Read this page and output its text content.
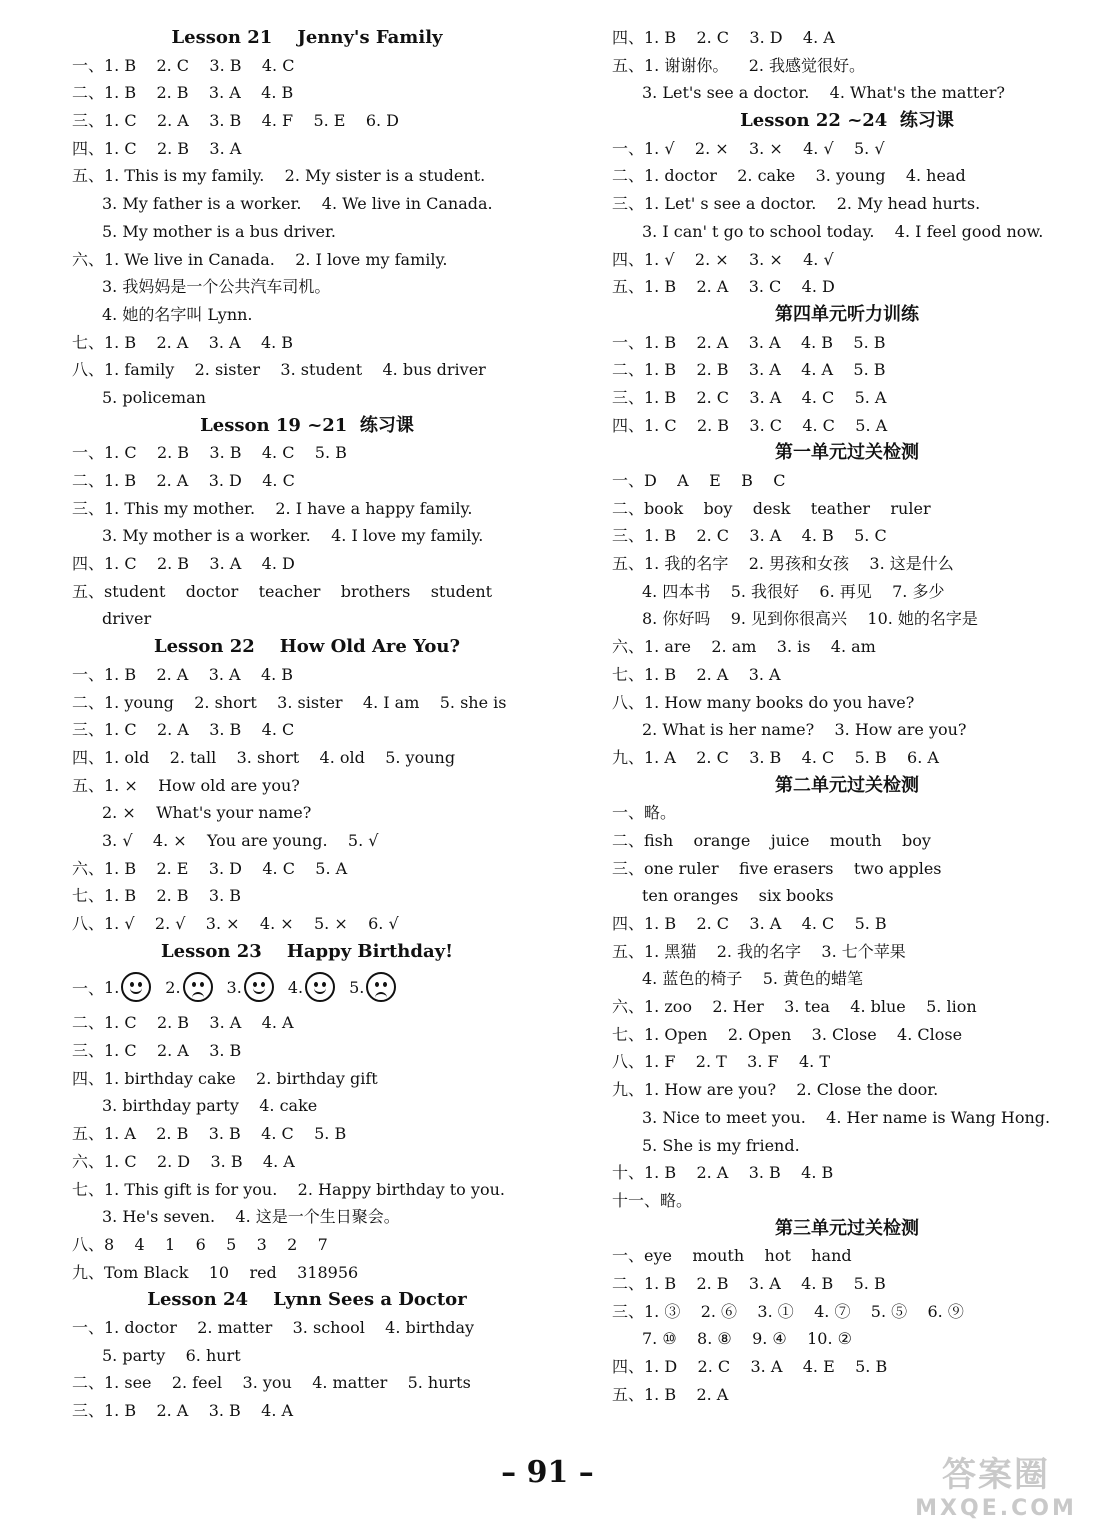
Lesson 21    Jenny's Family
一、1. B    2. C    3. B    4. C
二、1. B    2. B    3. A    4. B
三、1. C    2. A    3. B    4. F    5. E    6. D
四、1. C    2. B    3. A
五、1. This is my family.    2. My sister is a student.
3. My father is a worker.    4. We live in Canada.
5. My mother is a bus driver.
六、1. We live in Canada.    2. I love my family.
3. 我妈妈是一个公共汽车司机。
4. 她的名字叫 Lynn.
七、1. B    2. A    3. A    4. B
八、1. family    2. sister    3. student    4. bus driver
5. policeman
Lesson 19 ~21  练习课
一、1. C    2. B    3. B    4. C    5. B
二、1. B    2. A    3. D    4. C
三、1. This my mother.    2. I have a happy family.
3. My mother is a worker.    4. I love my family.
四、1. C    2. B    3. A    4. D
五、student    doctor    teacher    brothers    student
driver
Lesson 22    How Old Are You?
一、1. B    2. A    3. A    4. B
二、1. young    2. short    3. sister    4. I am    5. she is
三、1. C    2. A    3. B    4. C
四、1. old    2. tall    3. short    4. old    5. young
五、1. ×    How old are you?
2. ×    What's your name?
3. √    4. ×    You are young.    5. √
六、1. B    2. E    3. D    4. C    5. A
七、1. B    2. B    3. B
八、1. √    2. √    3. ×    4. ×    5. ×    6. √
Lesson 23    Happy Birthday!
一、 1.	2.	3.	4.	5.
二、1. C    2. B    3. A    4. A
三、1. C    2. A    3. B
四、1. birthday cake    2. birthday gift
3. birthday party    4. cake
五、1. A    2. B    3. B    4. C    5. B
六、1. C    2. D    3. B    4. A
七、1. This gift is for you.    2. Happy birthday to you.
3. He's seven.    4. 这是一个生日聚会。
八、8    4    1    6    5    3    2    7
九、Tom Black    10    red    318956
Lesson 24    Lynn Sees a Doctor
一、1. doctor    2. matter    3. school    4. birthday
5. party    6. hurt
二、1. see    2. feel    3. you    4. matter    5. hurts
三、1. B    2. A    3. B    4. A
四、1. B    2. C    3. D    4. A
五、1. 谢谢你。    2. 我感觉很好。
3. Let's see a doctor.    4. What's the matter?
Lesson 22 ~24  练习课
一、1. √    2. ×    3. ×    4. √    5. √
二、1. doctor    2. cake    3. young    4. head
三、1. Let' s see a doctor.    2. My head hurts.
3. I can' t go to school today.    4. I feel good now.
四、1. √    2. ×    3. ×    4. √
五、1. B    2. A    3. C    4. D
第四单元听力训练
一、1. B    2. A    3. A    4. B    5. B
二、1. B    2. B    3. A    4. A    5. B
三、1. B    2. C    3. A    4. C    5. A
四、1. C    2. B    3. C    4. C    5. A
第一单元过关检测
一、D    A    E    B    C
二、book    boy    desk    teather    ruler
三、1. B    2. C    3. A    4. B    5. C
五、1. 我的名字    2. 男孩和女孩    3. 这是什么
4. 四本书    5. 我很好    6. 再见    7. 多少
8. 你好吗    9. 见到你很高兴    10. 她的名字是
六、1. are    2. am    3. is    4. am
七、1. B    2. A    3. A
八、1. How many books do you have?
2. What is her name?    3. How are you?
九、1. A    2. C    3. B    4. C    5. B    6. A
第二单元过关检测
一、略。
二、fish    orange    juice    mouth    boy
三、one ruler    five erasers    two apples
ten oranges    six books
四、1. B    2. C    3. A    4. C    5. B
五、1. 黑猫    2. 我的名字    3. 七个苹果
4. 蓝色的椅子    5. 黄色的蜡笔
六、1. zoo    2. Her    3. tea    4. blue    5. lion
七、1. Open    2. Open    3. Close    4. Close
八、1. F    2. T    3. F    4. T
九、1. How are you?    2. Close the door.
3. Nice to meet you.    4. Her name is Wang Hong.
5. She is my friend.
十、1. B    2. A    3. B    4. B
十一、略。
第三单元过关检测
一、eye    mouth    hot    hand
二、1. B    2. B    3. A    4. B    5. B
三、1. ③    2. ⑥    3. ①    4. ⑦    5. ⑤    6. ⑨
7. ⑩    8. ⑧    9. ④    10. ②
四、1. D    2. C    3. A    4. E    5. B
五、1. B    2. A
– 91 –	答案圈
MXQE.COM
